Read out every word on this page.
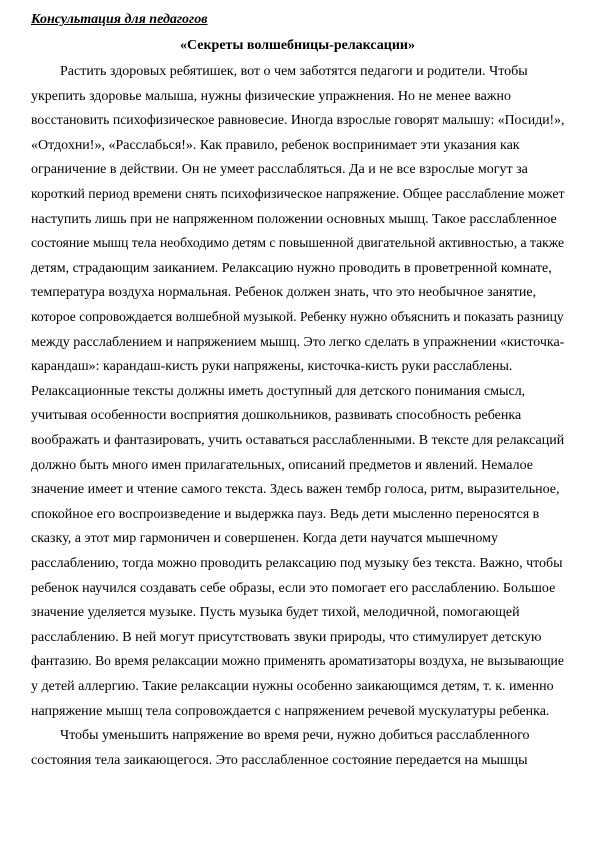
Консультация для педагогов
«Секреты волшебницы-релаксации»
Растить здоровых ребятишек, вот о чем заботятся педагоги и родители. Чтобы
укрепить здоровье малыша, нужны физические упражнения. Но не менее важно
восстановить психофизическое равновесие. Иногда взрослые говорят малышу: «Посиди!»,
«Отдохни!», «Расслабься!». Как правило, ребенок воспринимает эти указания как
ограничение в действии. Он не умеет расслабляться. Да и не все взрослые могут за
короткий период времени снять психофизическое напряжение. Общее расслабление может
наступить лишь при не напряженном положении основных мышц. Такое расслабленное
состояние мышц тела необходимо детям с повышенной двигательной активностью, а также
детям, страдающим заиканием. Релаксацию нужно проводить в проветренной комнате,
температура воздуха нормальная. Ребенок должен знать, что это необычное занятие,
которое сопровождается волшебной музыкой. Ребенку нужно объяснить и показать разницу
между расслаблением и напряжением мышц. Это легко сделать в упражнении «кисточка-
карандаш»: карандаш-кисть руки напряжены, кисточка-кисть руки расслаблены.
Релаксационные тексты должны иметь доступный для детского понимания смысл,
учитывая особенности восприятия дошкольников, развивать способность ребенка
воображать и фантазировать, учить оставаться расслабленными. В тексте для релаксаций
должно быть много имен прилагательных, описаний предметов и явлений. Немалое
значение имеет и чтение самого текста. Здесь важен тембр голоса, ритм, выразительное,
спокойное его воспроизведение и выдержка пауз. Ведь дети мысленно переносятся в
сказку, а этот мир гармоничен и совершенен. Когда дети научатся мышечному
расслаблению, тогда можно проводить релаксацию под музыку без текста. Важно, чтобы
ребенок научился создавать себе образы, если это помогает его расслаблению. Большое
значение уделяется музыке. Пусть музыка будет тихой, мелодичной, помогающей
расслаблению. В ней могут присутствовать звуки природы, что стимулирует детскую
фантазию. Во время релаксации можно применять ароматизаторы воздуха, не вызывающие
у детей аллергию. Такие релаксации нужны особенно заикающимся детям, т. к. именно
напряжение мышц тела сопровождается с напряжением речевой мускулатуры ребенка.
Чтобы уменьшить напряжение во время речи, нужно добиться расслабленного
состояния тела заикающегося. Это расслабленное состояние передается на мышцы
